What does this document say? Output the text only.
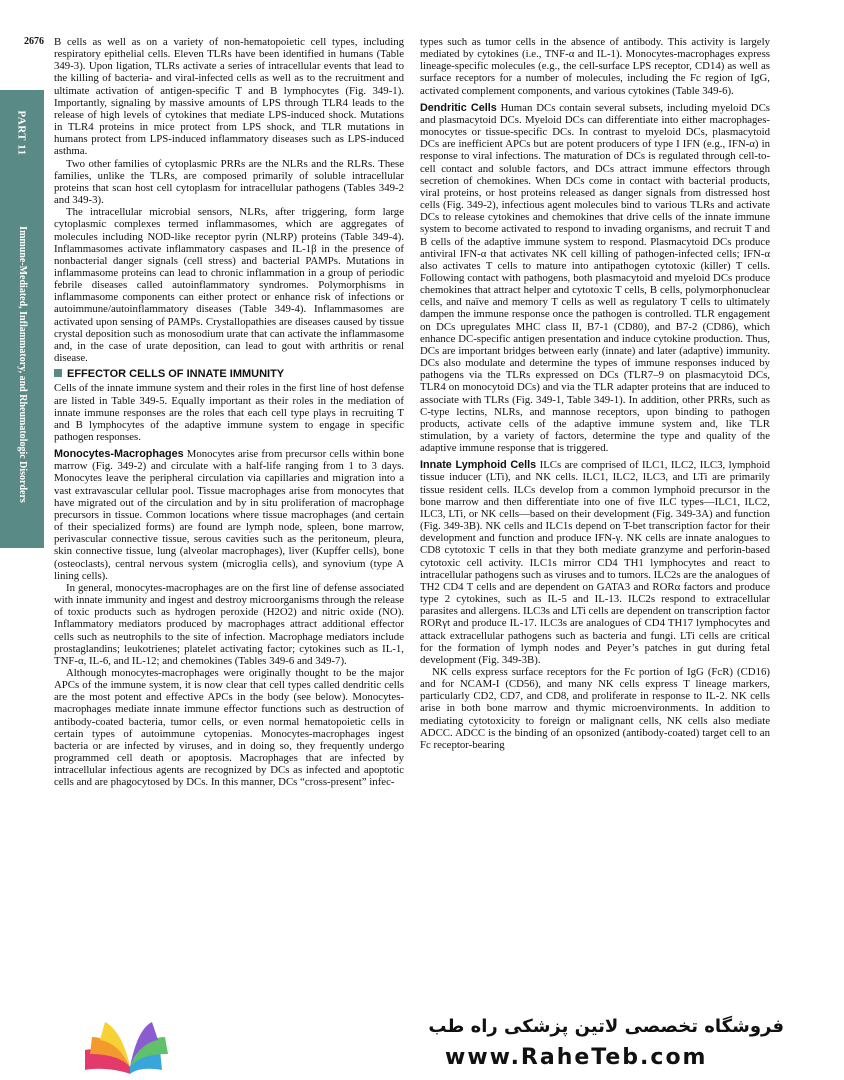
2676
PART 11
Immune-Mediated, Inflammatory, and Rheumatologic Disorders

B cells as well as on a variety of non-hematopoietic cell types, including respiratory epithelial cells. Eleven TLRs have been identified in humans (Table 349-3). Upon ligation, TLRs activate a series of intracellular events that lead to the killing of bacteria- and viral-infected cells as well as to the recruitment and ultimate activation of antigen-specific T and B lymphocytes (Fig. 349-1). Importantly, signaling by massive amounts of LPS through TLR4 leads to the release of high levels of cytokines that mediate LPS-induced shock. Mutations in TLR4 proteins in mice protect from LPS shock, and TLR mutations in humans protect from LPS-induced inflammatory diseases such as LPS-induced asthma.

Two other families of cytoplasmic PRRs are the NLRs and the RLRs. These families, unlike the TLRs, are composed primarily of soluble intracellular proteins that scan host cell cytoplasm for intracellular pathogens (Tables 349-2 and 349-3).

The intracellular microbial sensors, NLRs, after triggering, form large cytoplasmic complexes termed inflammasomes, which are aggregates of molecules including NOD-like receptor pyrin (NLRP) proteins (Table 349-4). Inflammasomes activate inflammatory caspases and IL-1β in the presence of nonbacterial danger signals (cell stress) and bacterial PAMPs. Mutations in inflammasome proteins can lead to chronic inflammation in a group of periodic febrile diseases called autoinflammatory syndromes. Polymorphisms in inflammasome components can either protect or enhance risk of infections or autoimmune/autoinflammatory diseases (Table 349-4). Inflammasomes are activated upon sensing of PAMPs. Crystallopathies are diseases caused by tissue crystal deposition such as monosodium urate that can activate the inflammasome and, in the case of urate deposition, can lead to gout with arthritis or renal disease.

EFFECTOR CELLS OF INNATE IMMUNITY

Cells of the innate immune system and their roles in the first line of host defense are listed in Table 349-5. Equally important as their roles in the mediation of innate immune responses are the roles that each cell type plays in recruiting T and B lymphocytes of the adaptive immune system to engage in specific pathogen responses.

Monocytes-Macrophages Monocytes arise from precursor cells within bone marrow (Fig. 349-2) and circulate with a half-life ranging from 1 to 3 days. Monocytes leave the peripheral circulation via capillaries and migration into a vast extravascular cellular pool. Tissue macrophages arise from monocytes that have migrated out of the circulation and by in situ proliferation of macrophage precursors in tissue. Common locations where tissue macrophages (and certain of their specialized forms) are found are lymph node, spleen, bone marrow, perivascular connective tissue, serous cavities such as the peritoneum, pleura, skin connective tissue, lung (alveolar macrophages), liver (Kupffer cells), bone (osteoclasts), central nervous system (microglia cells), and synovium (type A lining cells).

In general, monocytes-macrophages are on the first line of defense associated with innate immunity and ingest and destroy microorganisms through the release of toxic products such as hydrogen peroxide (H2O2) and nitric oxide (NO). Inflammatory mediators produced by macrophages attract additional effector cells such as neutrophils to the site of infection. Macrophage mediators include prostaglandins; leukotrienes; platelet activating factor; cytokines such as IL-1, TNF-α, IL-6, and IL-12; and chemokines (Tables 349-6 and 349-7).

Although monocytes-macrophages were originally thought to be the major APCs of the immune system, it is now clear that cell types called dendritic cells are the most potent and effective APCs in the body (see below). Monocytes-macrophages mediate innate immune effector functions such as destruction of antibody-coated bacteria, tumor cells, or even normal hematopoietic cells in certain types of autoimmune cytopenias. Monocytes-macrophages ingest bacteria or are infected by viruses, and in doing so, they frequently undergo programmed cell death or apoptosis. Macrophages that are infected by intracellular infectious agents are recognized by DCs as infected and apoptotic cells and are phagocytosed by DCs. In this manner, DCs “cross-present” infec-

types such as tumor cells in the absence of antibody. This activity is largely mediated by cytokines (i.e., TNF-α and IL-1). Monocytes-macrophages express lineage-specific molecules (e.g., the cell-surface LPS receptor, CD14) as well as surface receptors for a number of molecules, including the Fc region of IgG, activated complement components, and various cytokines (Table 349-6).

Dendritic Cells Human DCs contain several subsets, including myeloid DCs and plasmacytoid DCs. Myeloid DCs can differentiate into either macrophages-monocytes or tissue-specific DCs. In contrast to myeloid DCs, plasmacytoid DCs are inefficient APCs but are potent producers of type I IFN (e.g., IFN-α) in response to viral infections. The maturation of DCs is regulated through cell-to-cell contact and soluble factors, and DCs attract immune effectors through secretion of chemokines. When DCs come in contact with bacterial products, viral proteins, or host proteins released as danger signals from distressed host cells (Fig. 349-2), infectious agent molecules bind to various TLRs and activate DCs to release cytokines and chemokines that drive cells of the innate immune system to become activated to respond to invading organisms, and recruit T and B cells of the adaptive immune system to respond. Plasmacytoid DCs produce antiviral IFN-α that activates NK cell killing of pathogen-infected cells; IFN-α also activates T cells to mature into antipathogen cytotoxic (killer) T cells. Following contact with pathogens, both plasmacytoid and myeloid DCs produce chemokines that attract helper and cytotoxic T cells, B cells, polymorphonuclear cells, and naïve and memory T cells as well as regulatory T cells to ultimately dampen the immune response once the pathogen is controlled. TLR engagement on DCs upregulates MHC class II, B7-1 (CD80), and B7-2 (CD86), which enhance DC-specific antigen presentation and induce cytokine production. Thus, DCs are important bridges between early (innate) and later (adaptive) immunity. DCs also modulate and determine the types of immune responses induced by pathogens via the TLRs expressed on DCs (TLR7–9 on plasmacytoid DCs, TLR4 on monocytoid DCs) and via the TLR adapter proteins that are induced to associate with TLRs (Fig. 349-1, Table 349-1). In addition, other PRRs, such as C-type lectins, NLRs, and mannose receptors, upon binding to pathogen products, activate cells of the adaptive immune system and, like TLR stimulation, by a variety of factors, determine the type and quality of the adaptive immune response that is triggered.

Innate Lymphoid Cells ILCs are comprised of ILC1, ILC2, ILC3, lymphoid tissue inducer (LTi), and NK cells. ILC1, ILC2, ILC3, and LTi are primarily tissue resident cells. ILCs develop from a common lymphoid precursor in the bone marrow and then differentiate into one of five ILC types—ILC1, ILC2, ILC3, LTi, or NK cells—based on their development (Fig. 349-3A) and function (Fig. 349-3B). NK cells and ILC1s depend on T-bet transcription factor for their development and function and produce IFN-γ. NK cells are innate analogues to CD8 cytotoxic T cells in that they both mediate granzyme and perforin-based cytotoxic cell activity. ILC1s mirror CD4 TH1 lymphocytes and react to intracellular pathogens such as viruses and to tumors. ILC2s are the analogues of TH2 CD4 T cells and are dependent on GATA3 and RORα factors and produce type 2 cytokines, such as IL-5 and IL-13. ILC2s respond to extracellular parasites and allergens. ILC3s and LTi cells are dependent on transcription factor RORγt and produce IL-17. ILC3s are analogues of CD4 TH17 lymphocytes and attack extracellular pathogens such as bacteria and fungi. LTi cells are critical for the formation of lymph nodes and Peyer’s patches in gut during fetal development (Fig. 349-3B).

NK cells express surface receptors for the Fc portion of IgG (FcR) (CD16) and for NCAM-I (CD56), and many NK cells express T lineage markers, particularly CD2, CD7, and CD8, and proliferate in response to IL-2. NK cells arise in both bone marrow and thymic microenvironments. In addition to mediating cytotoxicity to foreign or malignant cells, NK cells also mediate ADCC. ADCC is the binding of an opsonized (antibody-coated) target cell to an Fc receptor-bearing

فروشگاه تخصصی لاتین پزشکی راه طب
www.RaheTeb.com
